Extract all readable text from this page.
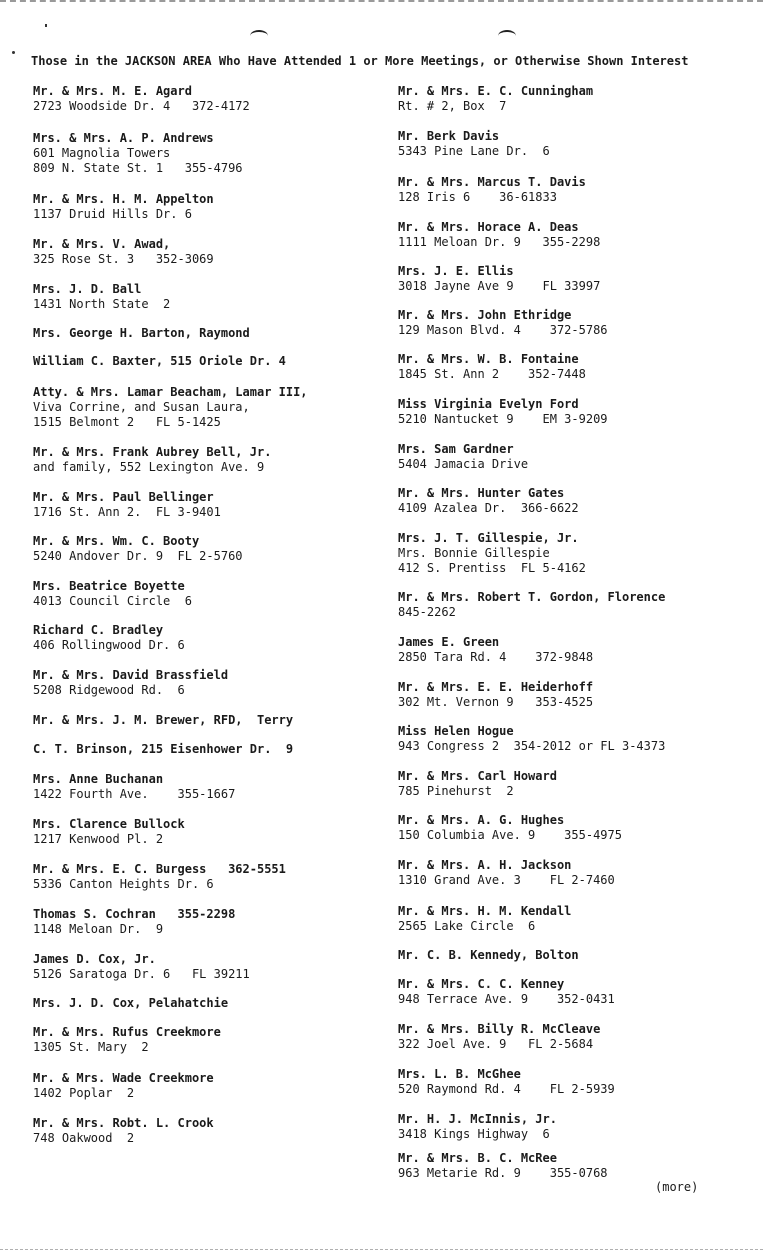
Those in the JACKSON AREA Who Have Attended 1 or More Meetings, or Otherwise Shown Interest
Mr. & Mrs. M. E. Agard
2723 Woodside Dr. 4   372-4172
Mrs. & Mrs. A. P. Andrews
601 Magnolia Towers
809 N. State St. 1   355-4796
Mr. & Mrs. H. M. Appelton
1137 Druid Hills Dr. 6
Mr. & Mrs. V. Awad,
325 Rose St. 3   352-3069
Mrs. J. D. Ball
1431 North State  2
Mrs. George H. Barton, Raymond
William C. Baxter, 515 Oriole Dr. 4
Atty. & Mrs. Lamar Beacham, Lamar III,
Viva Corrine, and Susan Laura,
1515 Belmont 2   FL 5-1425
Mr. & Mrs. Frank Aubrey Bell, Jr.
and family, 552 Lexington Ave. 9
Mr. & Mrs. Paul Bellinger
1716 St. Ann 2.  FL 3-9401
Mr. & Mrs. Wm. C. Booty
5240 Andover Dr. 9  FL 2-5760
Mrs. Beatrice Boyette
4013 Council Circle  6
Richard C. Bradley
406 Rollingwood Dr. 6
Mr. & Mrs. David Brassfield
5208 Ridgewood Rd.  6
Mr. & Mrs. J. M. Brewer, RFD,  Terry
C. T. Brinson, 215 Eisenhower Dr.  9
Mrs. Anne Buchanan
1422 Fourth Ave.    355-1667
Mrs. Clarence Bullock
1217 Kenwood Pl. 2
Mr. & Mrs. E. C. Burgess   362-5551
5336 Canton Heights Dr. 6
Thomas S. Cochran   355-2298
1148 Meloan Dr.  9
James D. Cox, Jr.
5126 Saratoga Dr. 6   FL 39211
Mrs. J. D. Cox, Pelahatchie
Mr. & Mrs. Rufus Creekmore
1305 St. Mary  2
Mr. & Mrs. Wade Creekmore
1402 Poplar  2
Mr. & Mrs. Robt. L. Crook
748 Oakwood  2
Mr. & Mrs. E. C. Cunningham
Rt. # 2, Box  7
Mr. Berk Davis
5343 Pine Lane Dr.  6
Mr. & Mrs. Marcus T. Davis
128 Iris 6    36-61833
Mr. & Mrs. Horace A. Deas
1111 Meloan Dr. 9   355-2298
Mrs. J. E. Ellis
3018 Jayne Ave 9    FL 33997
Mr. & Mrs. John Ethridge
129 Mason Blvd. 4    372-5786
Mr. & Mrs. W. B. Fontaine
1845 St. Ann 2    352-7448
Miss Virginia Evelyn Ford
5210 Nantucket 9    EM 3-9209
Mrs. Sam Gardner
5404 Jamacia Drive
Mr. & Mrs. Hunter Gates
4109 Azalea Dr.  366-6622
Mrs. J. T. Gillespie, Jr.
Mrs. Bonnie Gillespie
412 S. Prentiss  FL 5-4162
Mr. & Mrs. Robert T. Gordon, Florence
845-2262
James E. Green
2850 Tara Rd. 4    372-9848
Mr. & Mrs. E. E. Heiderhoff
302 Mt. Vernon 9   353-4525
Miss Helen Hogue
943 Congress 2  354-2012 or FL 3-4373
Mr. & Mrs. Carl Howard
785 Pinehurst  2
Mr. & Mrs. A. G. Hughes
150 Columbia Ave. 9    355-4975
Mr. & Mrs. A. H. Jackson
1310 Grand Ave. 3    FL 2-7460
Mr. & Mrs. H. M. Kendall
2565 Lake Circle  6
Mr. C. B. Kennedy, Bolton
Mr. & Mrs. C. C. Kenney
948 Terrace Ave. 9    352-0431
Mr. & Mrs. Billy R. McCleave
322 Joel Ave. 9   FL 2-5684
Mrs. L. B. McGhee
520 Raymond Rd. 4    FL 2-5939
Mr. H. J. McInnis, Jr.
3418 Kings Highway  6
Mr. & Mrs. B. C. McRee
963 Metarie Rd. 9    355-0768
(more)
